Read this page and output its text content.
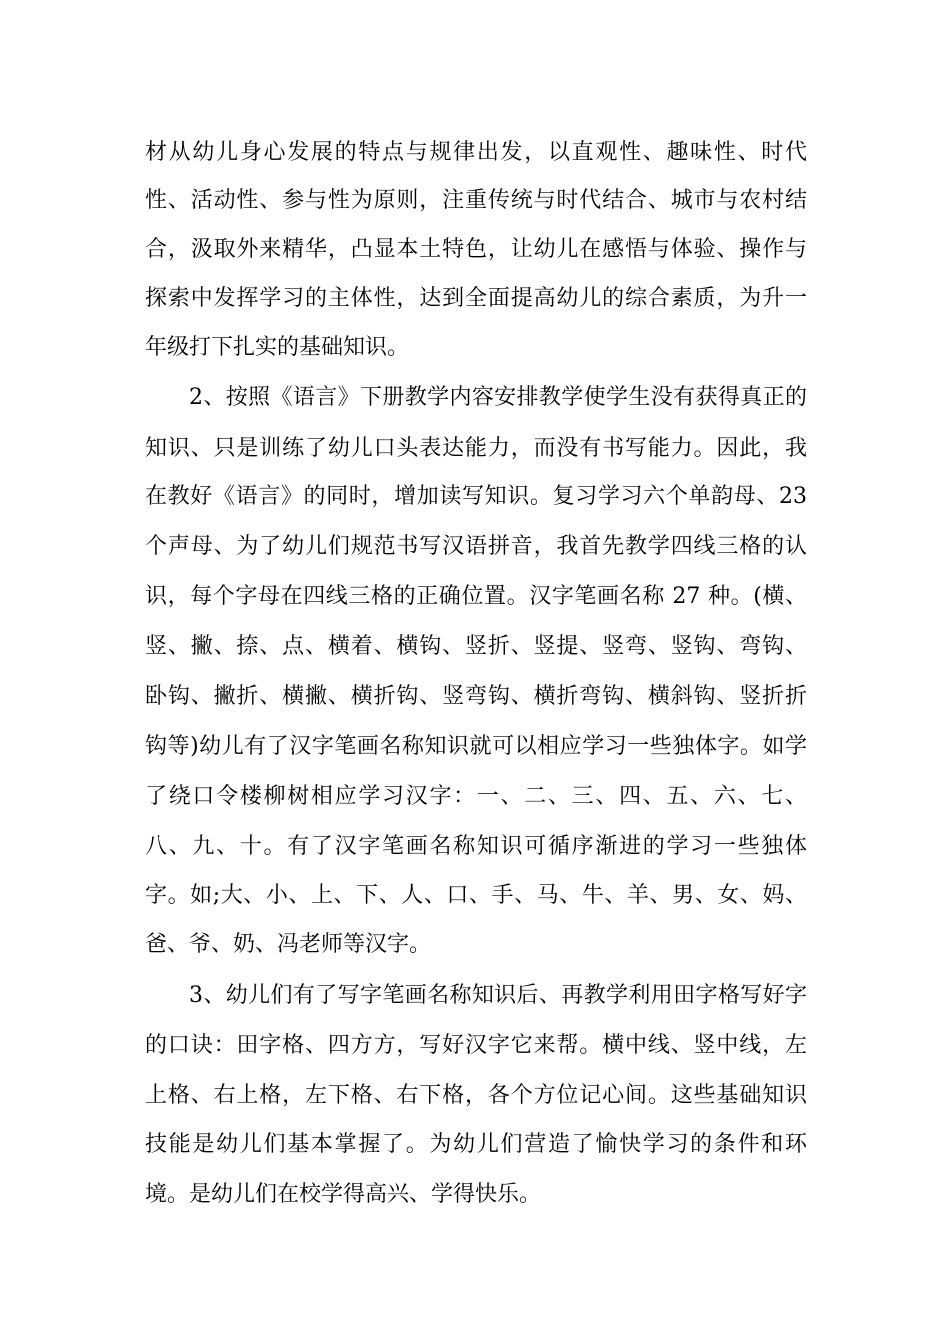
材从幼儿身心发展的特点与规律出发，以直观性、趣味性、时代
性、活动性、参与性为原则，注重传统与时代结合、城市与农村结
合，汲取外来精华，凸显本土特色，让幼儿在感悟与体验、操作与
探索中发挥学习的主体性，达到全面提高幼儿的综合素质，为升一
年级打下扎实的基础知识。
2、按照《语言》下册教学内容安排教学使学生没有获得真正的
知识、只是训练了幼儿口头表达能力，而没有书写能力。因此，我
在教好《语言》的同时，增加读写知识。复习学习六个单韵母、23
个声母、为了幼儿们规范书写汉语拼音，我首先教学四线三格的认
识，每个字母在四线三格的正确位置。汉字笔画名称 27 种。(横、
竖、撇、捺、点、横着、横钩、竖折、竖提、竖弯、竖钩、弯钩、
卧钩、撇折、横撇、横折钩、竖弯钩、横折弯钩、横斜钩、竖折折
钩等)幼儿有了汉字笔画名称知识就可以相应学习一些独体字。如学
了绕口令楼柳树相应学习汉字：一、二、三、四、五、六、七、
八、九、十。有了汉字笔画名称知识可循序渐进的学习一些独体
字。如;大、小、上、下、人、口、手、马、牛、羊、男、女、妈、
爸、爷、奶、冯老师等汉字。
3、幼儿们有了写字笔画名称知识后、再教学利用田字格写好字
的口诀：田字格、四方方，写好汉字它来帮。横中线、竖中线，左
上格、右上格，左下格、右下格，各个方位记心间。这些基础知识
技能是幼儿们基本掌握了。为幼儿们营造了愉快学习的条件和环
境。是幼儿们在校学得高兴、学得快乐。
